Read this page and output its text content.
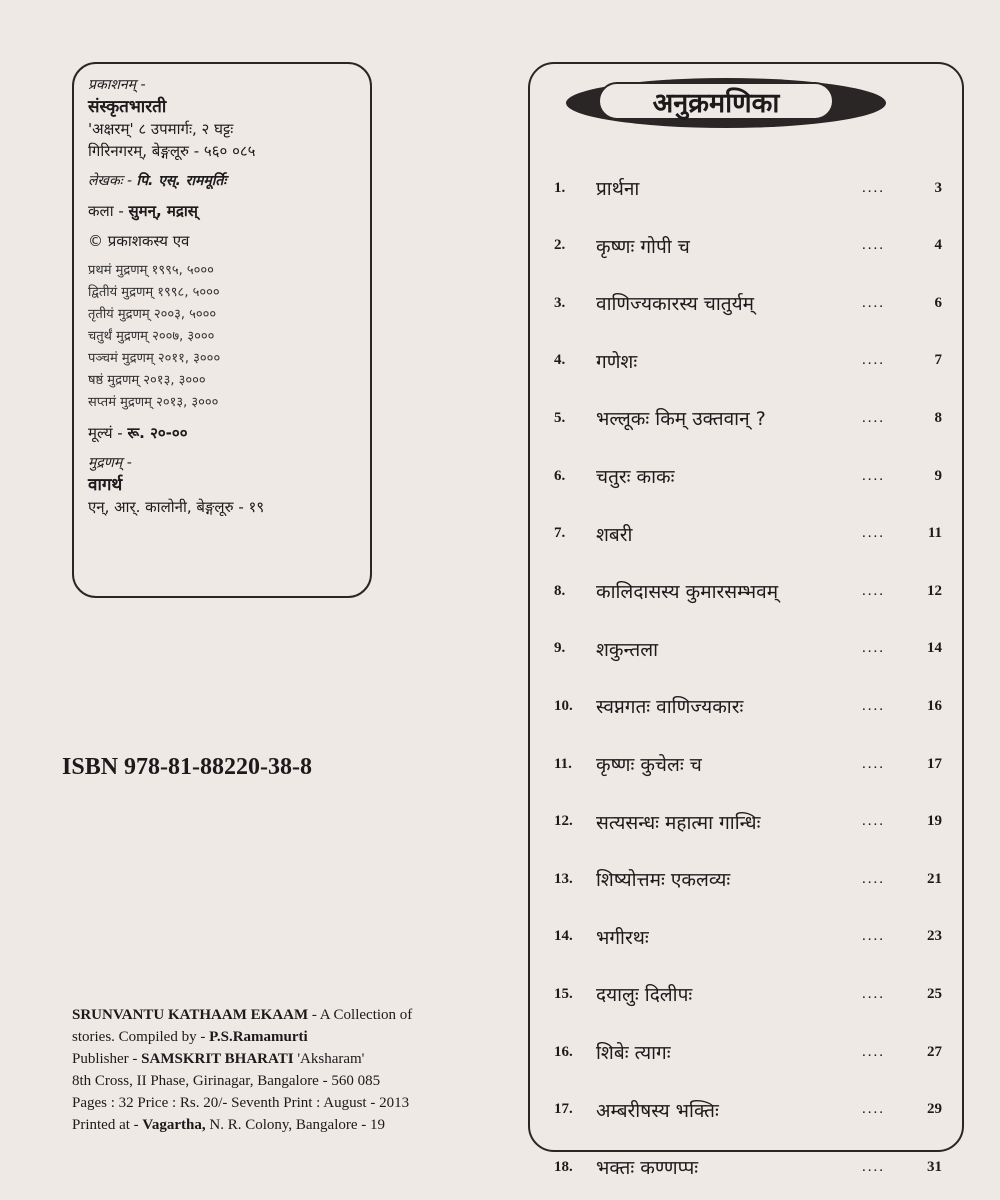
प्रकाशनम् -
संस्कृतभारती
'अक्षरम्' ८ उपमार्गः, २ घट्टः
गिरिनगरम्, बेङ्गलूरु - ५६० ०८५
लेखकः - पि. एस्. राममूर्तिः
कला - सुमन्, मद्रास्
© प्रकाशकस्य एव
प्रथमं मुद्रणम् १९९५, ५०००
द्वितीयं मुद्रणम् १९९८, ५०००
तृतीयं मुद्रणम् २००३, ५०००
चतुर्थं मुद्रणम् २००७, ३०००
पञ्चमं मुद्रणम् २०११, ३०००
षष्ठं मुद्रणम् २०१३, ३०००
सप्तमं मुद्रणम् २०१३, ३०००
मूल्यं - रू. २०-००
मुद्रणम् -
वागर्थ
एन्, आर्. कालोनी, बेङ्गलूरु - १९
ISBN 978-81-88220-38-8
SRUNVANTU KATHAAM EKAAM - A Collection of
stories. Compiled by - P.S.Ramamurti
Publisher - SAMSKRIT BHARATI 'Aksharam'
8th Cross, II Phase, Girinagar, Bangalore - 560 085
Pages : 32 Price : Rs. 20/- Seventh Print : August - 2013
Printed at - Vagartha, N. R. Colony, Bangalore - 19
अनुक्रमणिका
1.	प्रार्थना	....	3
2.	कृष्णः गोपी च	....	4
3.	वाणिज्यकारस्य चातुर्यम्	....	6
4.	गणेशः	....	7
5.	भल्लूकः किम् उक्तवान् ?	....	8
6.	चतुरः काकः	....	9
7.	शबरी	....	11
8.	कालिदासस्य कुमारसम्भवम्	....	12
9.	शकुन्तला	....	14
10.	स्वप्नगतः वाणिज्यकारः	....	16
11.	कृष्णः कुचेलः च	....	17
12.	सत्यसन्धः महात्मा गान्धिः	....	19
13.	शिष्योत्तमः एकलव्यः	....	21
14.	भगीरथः	....	23
15.	दयालुः दिलीपः	....	25
16.	शिबेः त्यागः	....	27
17.	अम्बरीषस्य भक्तिः	....	29
18.	भक्तः कण्णप्पः	....	31
